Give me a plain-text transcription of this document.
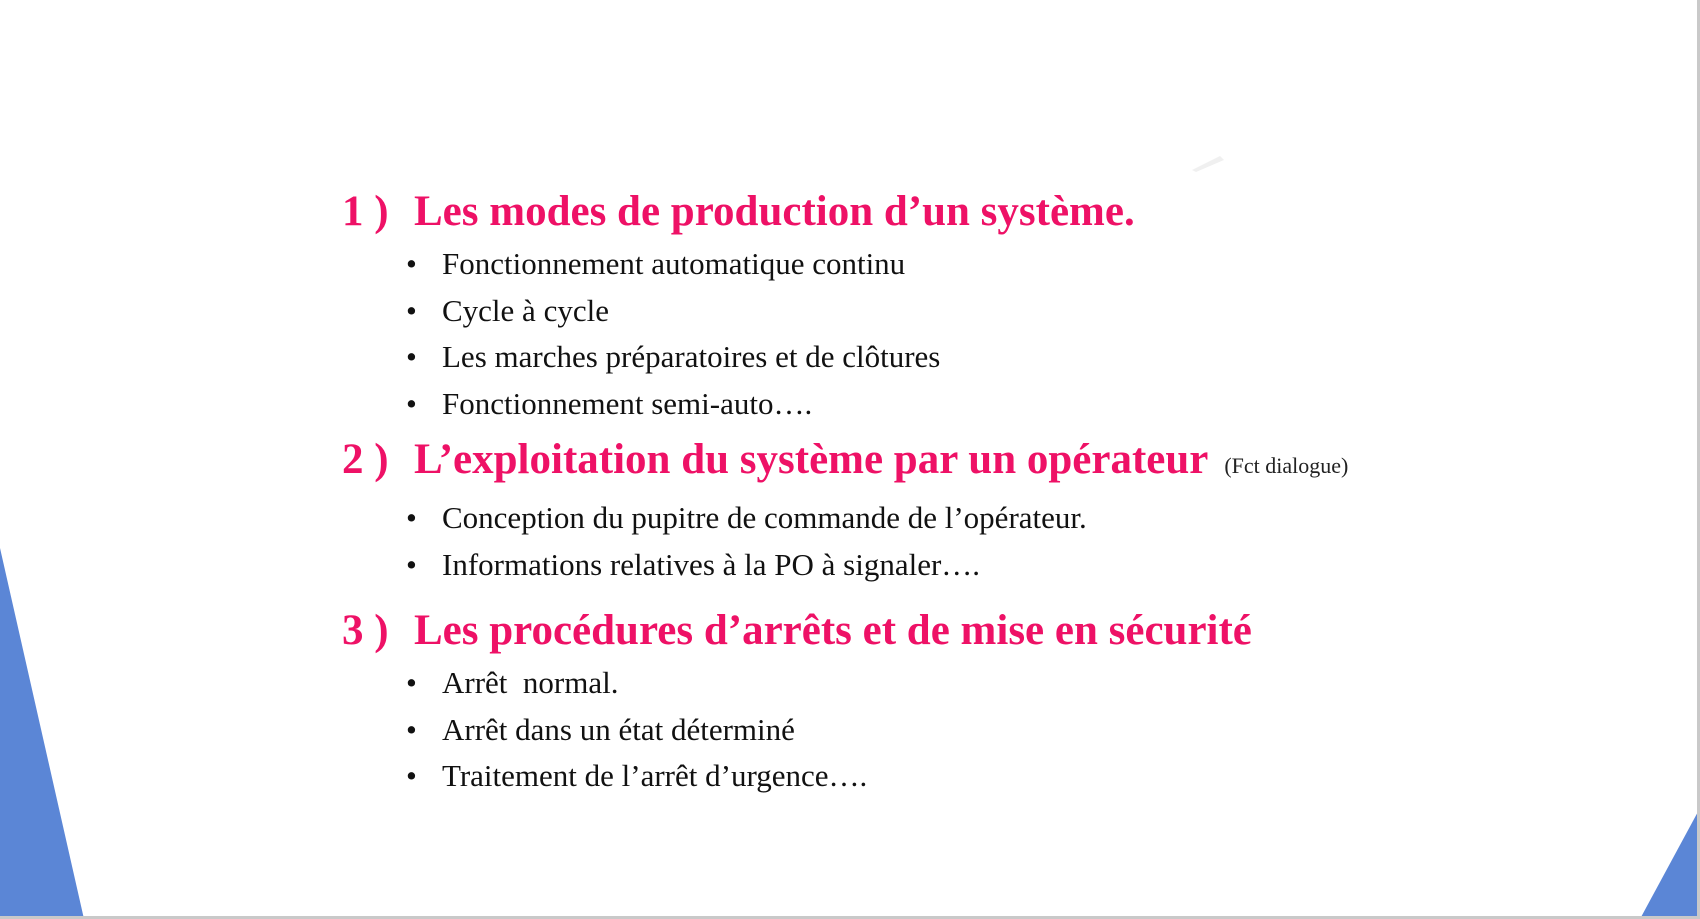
1 ) Les modes de production d’un système.
• Fonctionnement automatique continu
• Cycle à cycle
• Les marches préparatoires et de clôtures
• Fonctionnement semi-auto….
2 ) L’exploitation du système par un opérateur (Fct dialogue)
• Conception du pupitre de commande de l’opérateur.
• Informations relatives à la PO à signaler….
3 ) Les procédures d’arrêts et de mise en sécurité
• Arrêt  normal.
• Arrêt dans un état déterminé
• Traitement de l’arrêt d’urgence….
